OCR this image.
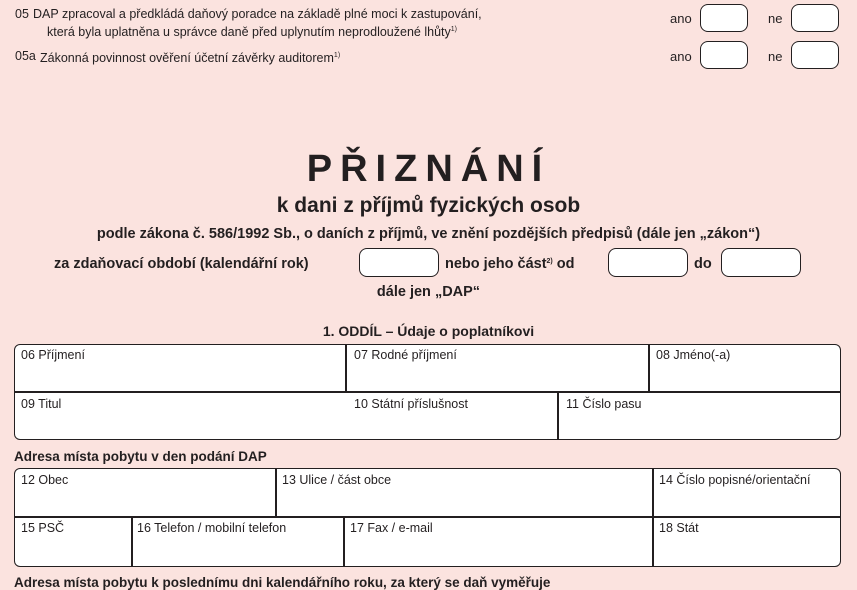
05 DAP zpracoval a předkládá daňový poradce na základě plné moci k zastupování,
která byla uplatněna u správce daně před uplynutím neprodloužené lhůty$^{1)}$
ano	ne
05a Zákonná povinnost ověření účetní závěrky auditorem$^{1)}$	ano	ne
PŘIZNÁNÍ
k dani z příjmů fyzických osob
podle zákona č. 586/1992 Sb., o daních z příjmů, ve znění pozdějších předpisů (dále jen „zákon“)
za zdaňovací období (kalendářní rok)	nebo jeho část$^{2)}$ od	do
dále jen „DAP“
1. ODDÍL – Údaje o poplatníkovi
06 Příjmení	07 Rodné příjmení	08 Jméno(-a)
09 Titul	10 Státní příslušnost	11 Číslo pasu
Adresa místa pobytu v den podání DAP
12 Obec	13 Ulice / část obce	14 Číslo popisné/orientační
15 PSČ	16 Telefon / mobilní telefon	17 Fax / e-mail	18 Stát
Adresa místa pobytu k poslednímu dni kalendářního roku, za který se daň vyměřuje
